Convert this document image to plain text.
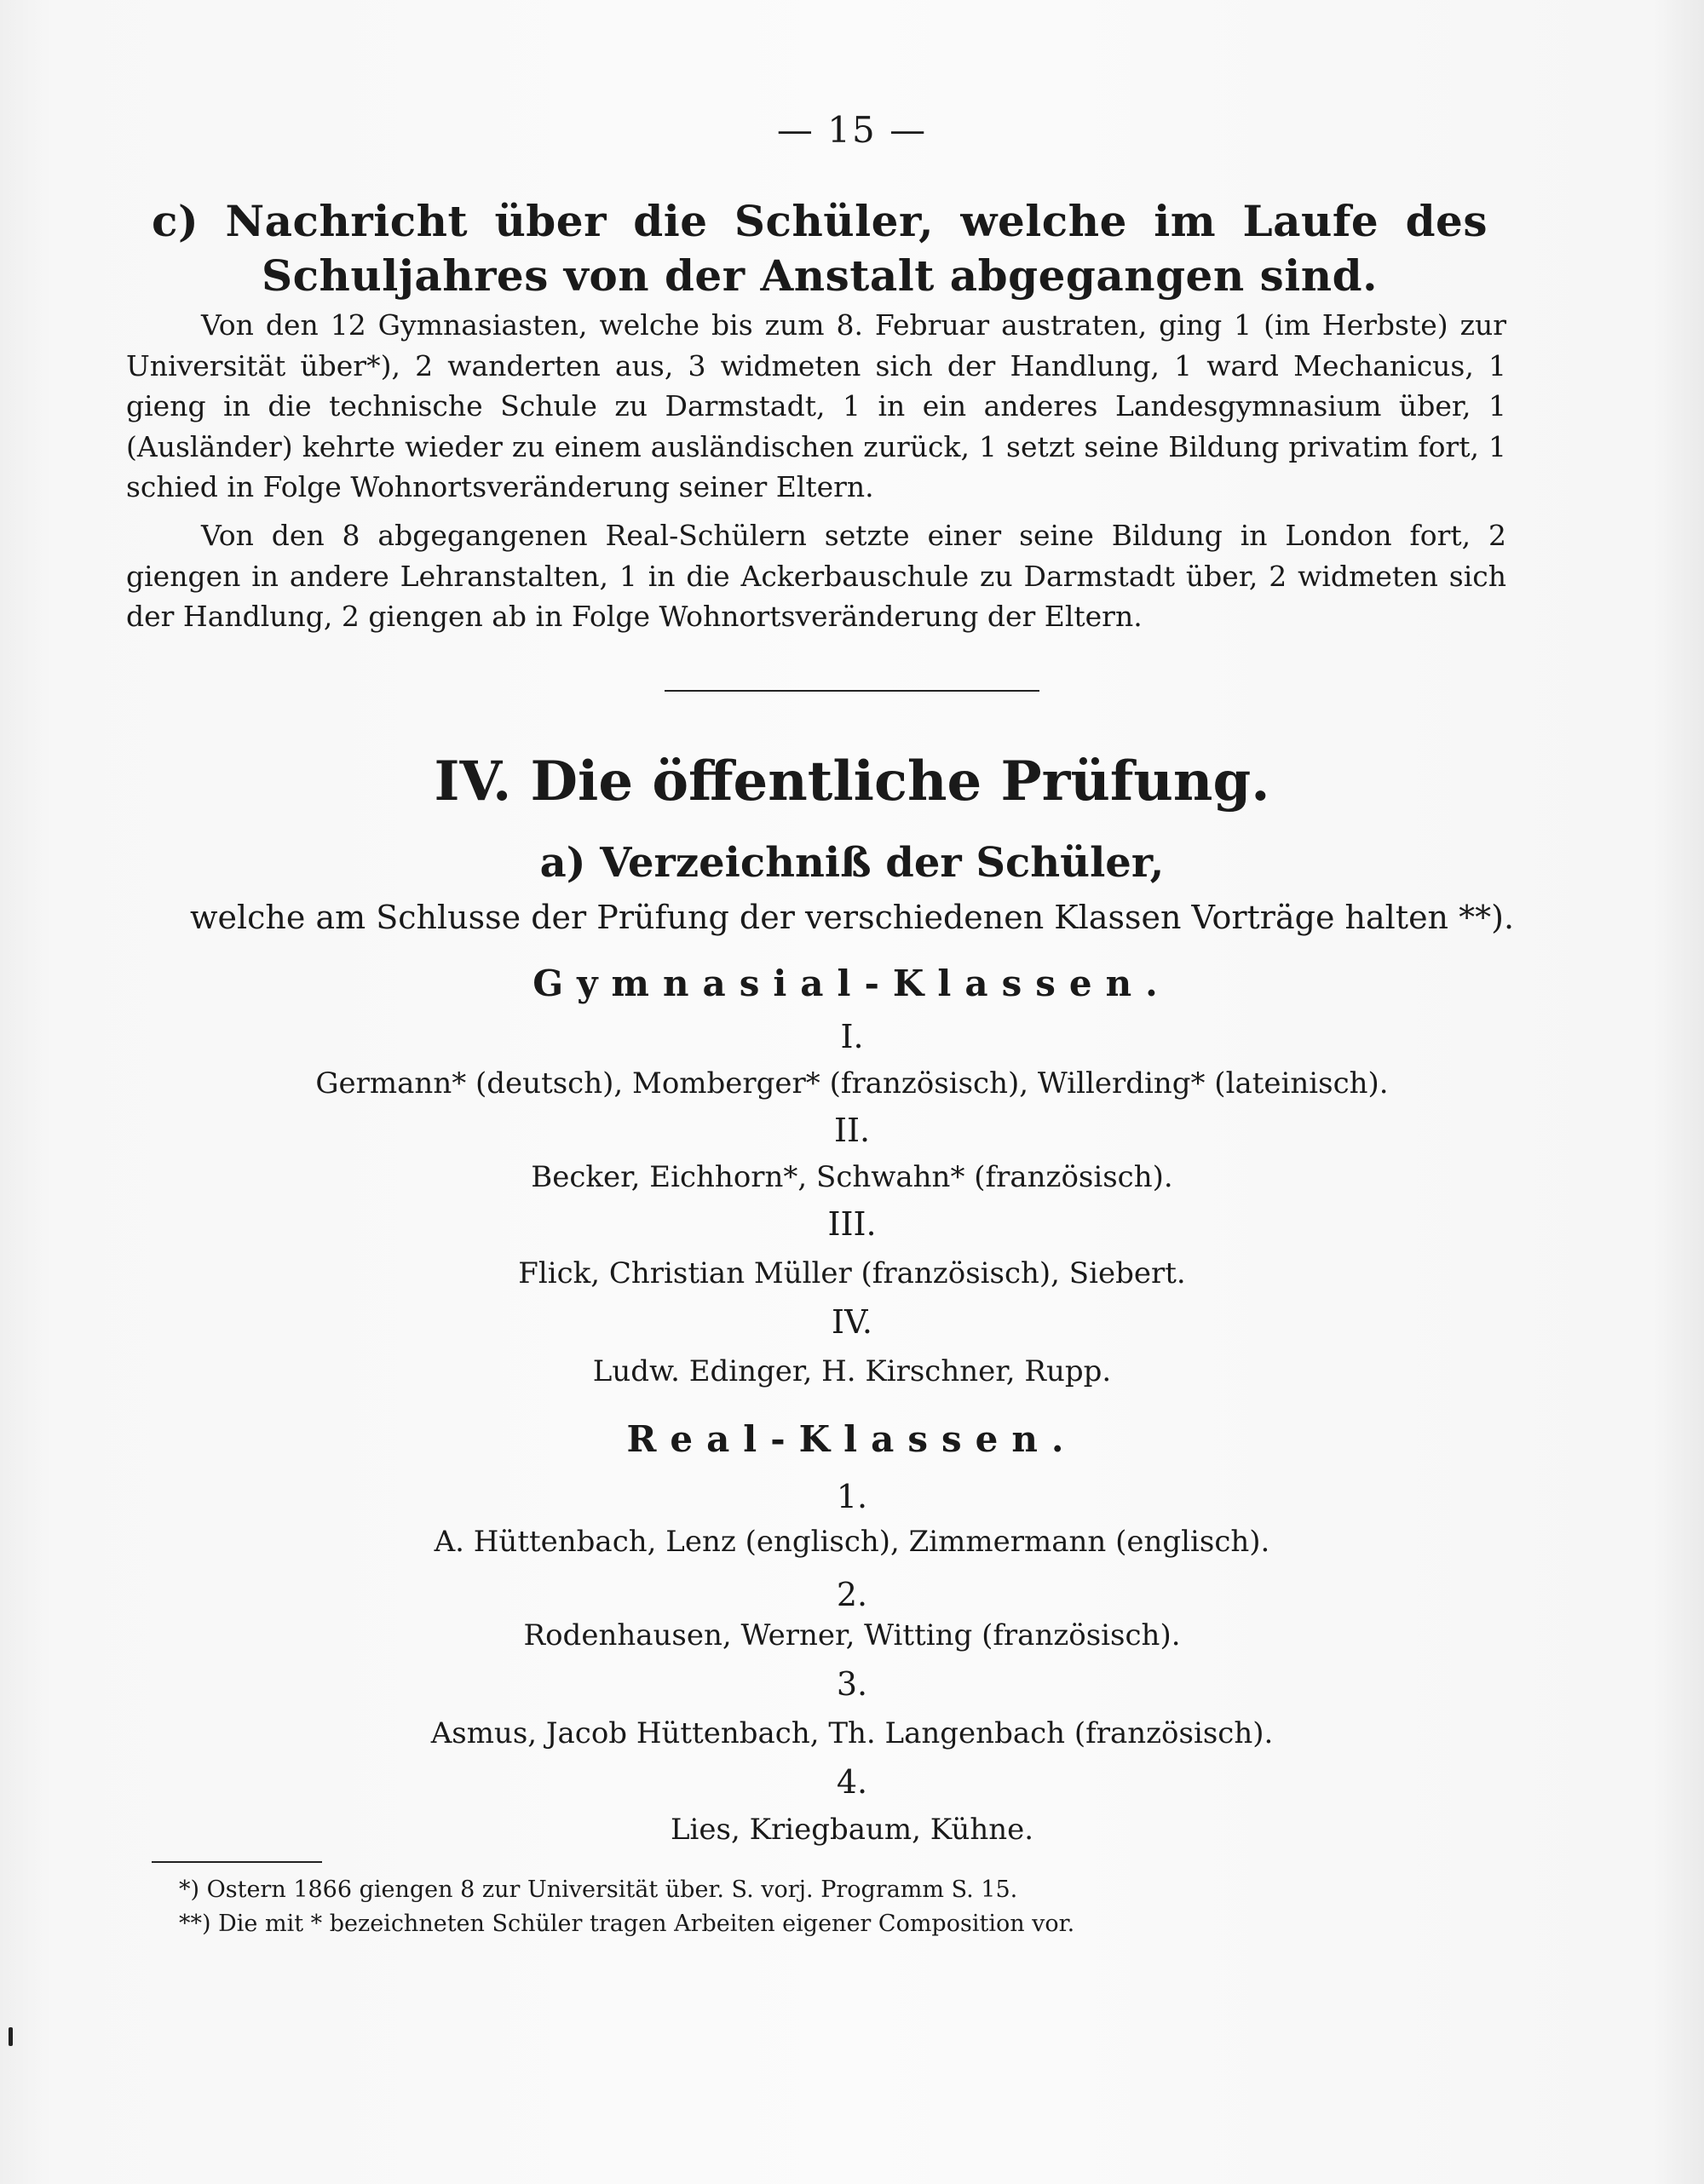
— 15 —
c) Nachricht über die Schüler, welche im Laufe des Schuljahres von der Anstalt abgegangen sind.
Von den 12 Gymnasiasten, welche bis zum 8. Februar austraten, ging 1 (im Herbste) zur Universität über*), 2 wanderten aus, 3 widmeten sich der Handlung, 1 ward Mechanicus, 1 gieng in die technische Schule zu Darmstadt, 1 in ein anderes Landesgymnasium über, 1 (Ausländer) kehrte wieder zu einem ausländischen zurück, 1 setzt seine Bildung privatim fort, 1 schied in Folge Wohnortsveränderung seiner Eltern.
Von den 8 abgegangenen Real-Schülern setzte einer seine Bildung in London fort, 2 giengen in andere Lehranstalten, 1 in die Ackerbauschule zu Darmstadt über, 2 widmeten sich der Handlung, 2 giengen ab in Folge Wohnortsveränderung der Eltern.
IV. Die öffentliche Prüfung.
a) Verzeichniß der Schüler,
welche am Schlusse der Prüfung der verschiedenen Klassen Vorträge halten **).
Gymnasial-Klassen.
I.
Germann* (deutsch), Momberger* (französisch), Willerding* (lateinisch).
II.
Becker, Eichhorn*, Schwahn* (französisch).
III.
Flick, Christian Müller (französisch), Siebert.
IV.
Ludw. Edinger, H. Kirschner, Rupp.
Real-Klassen.
1.
A. Hüttenbach, Lenz (englisch), Zimmermann (englisch).
2.
Rodenhausen, Werner, Witting (französisch).
3.
Asmus, Jacob Hüttenbach, Th. Langenbach (französisch).
4.
Lies, Kriegbaum, Kühne.
*) Ostern 1866 giengen 8 zur Universität über. S. vorj. Programm S. 15.
**) Die mit * bezeichneten Schüler tragen Arbeiten eigener Composition vor.
